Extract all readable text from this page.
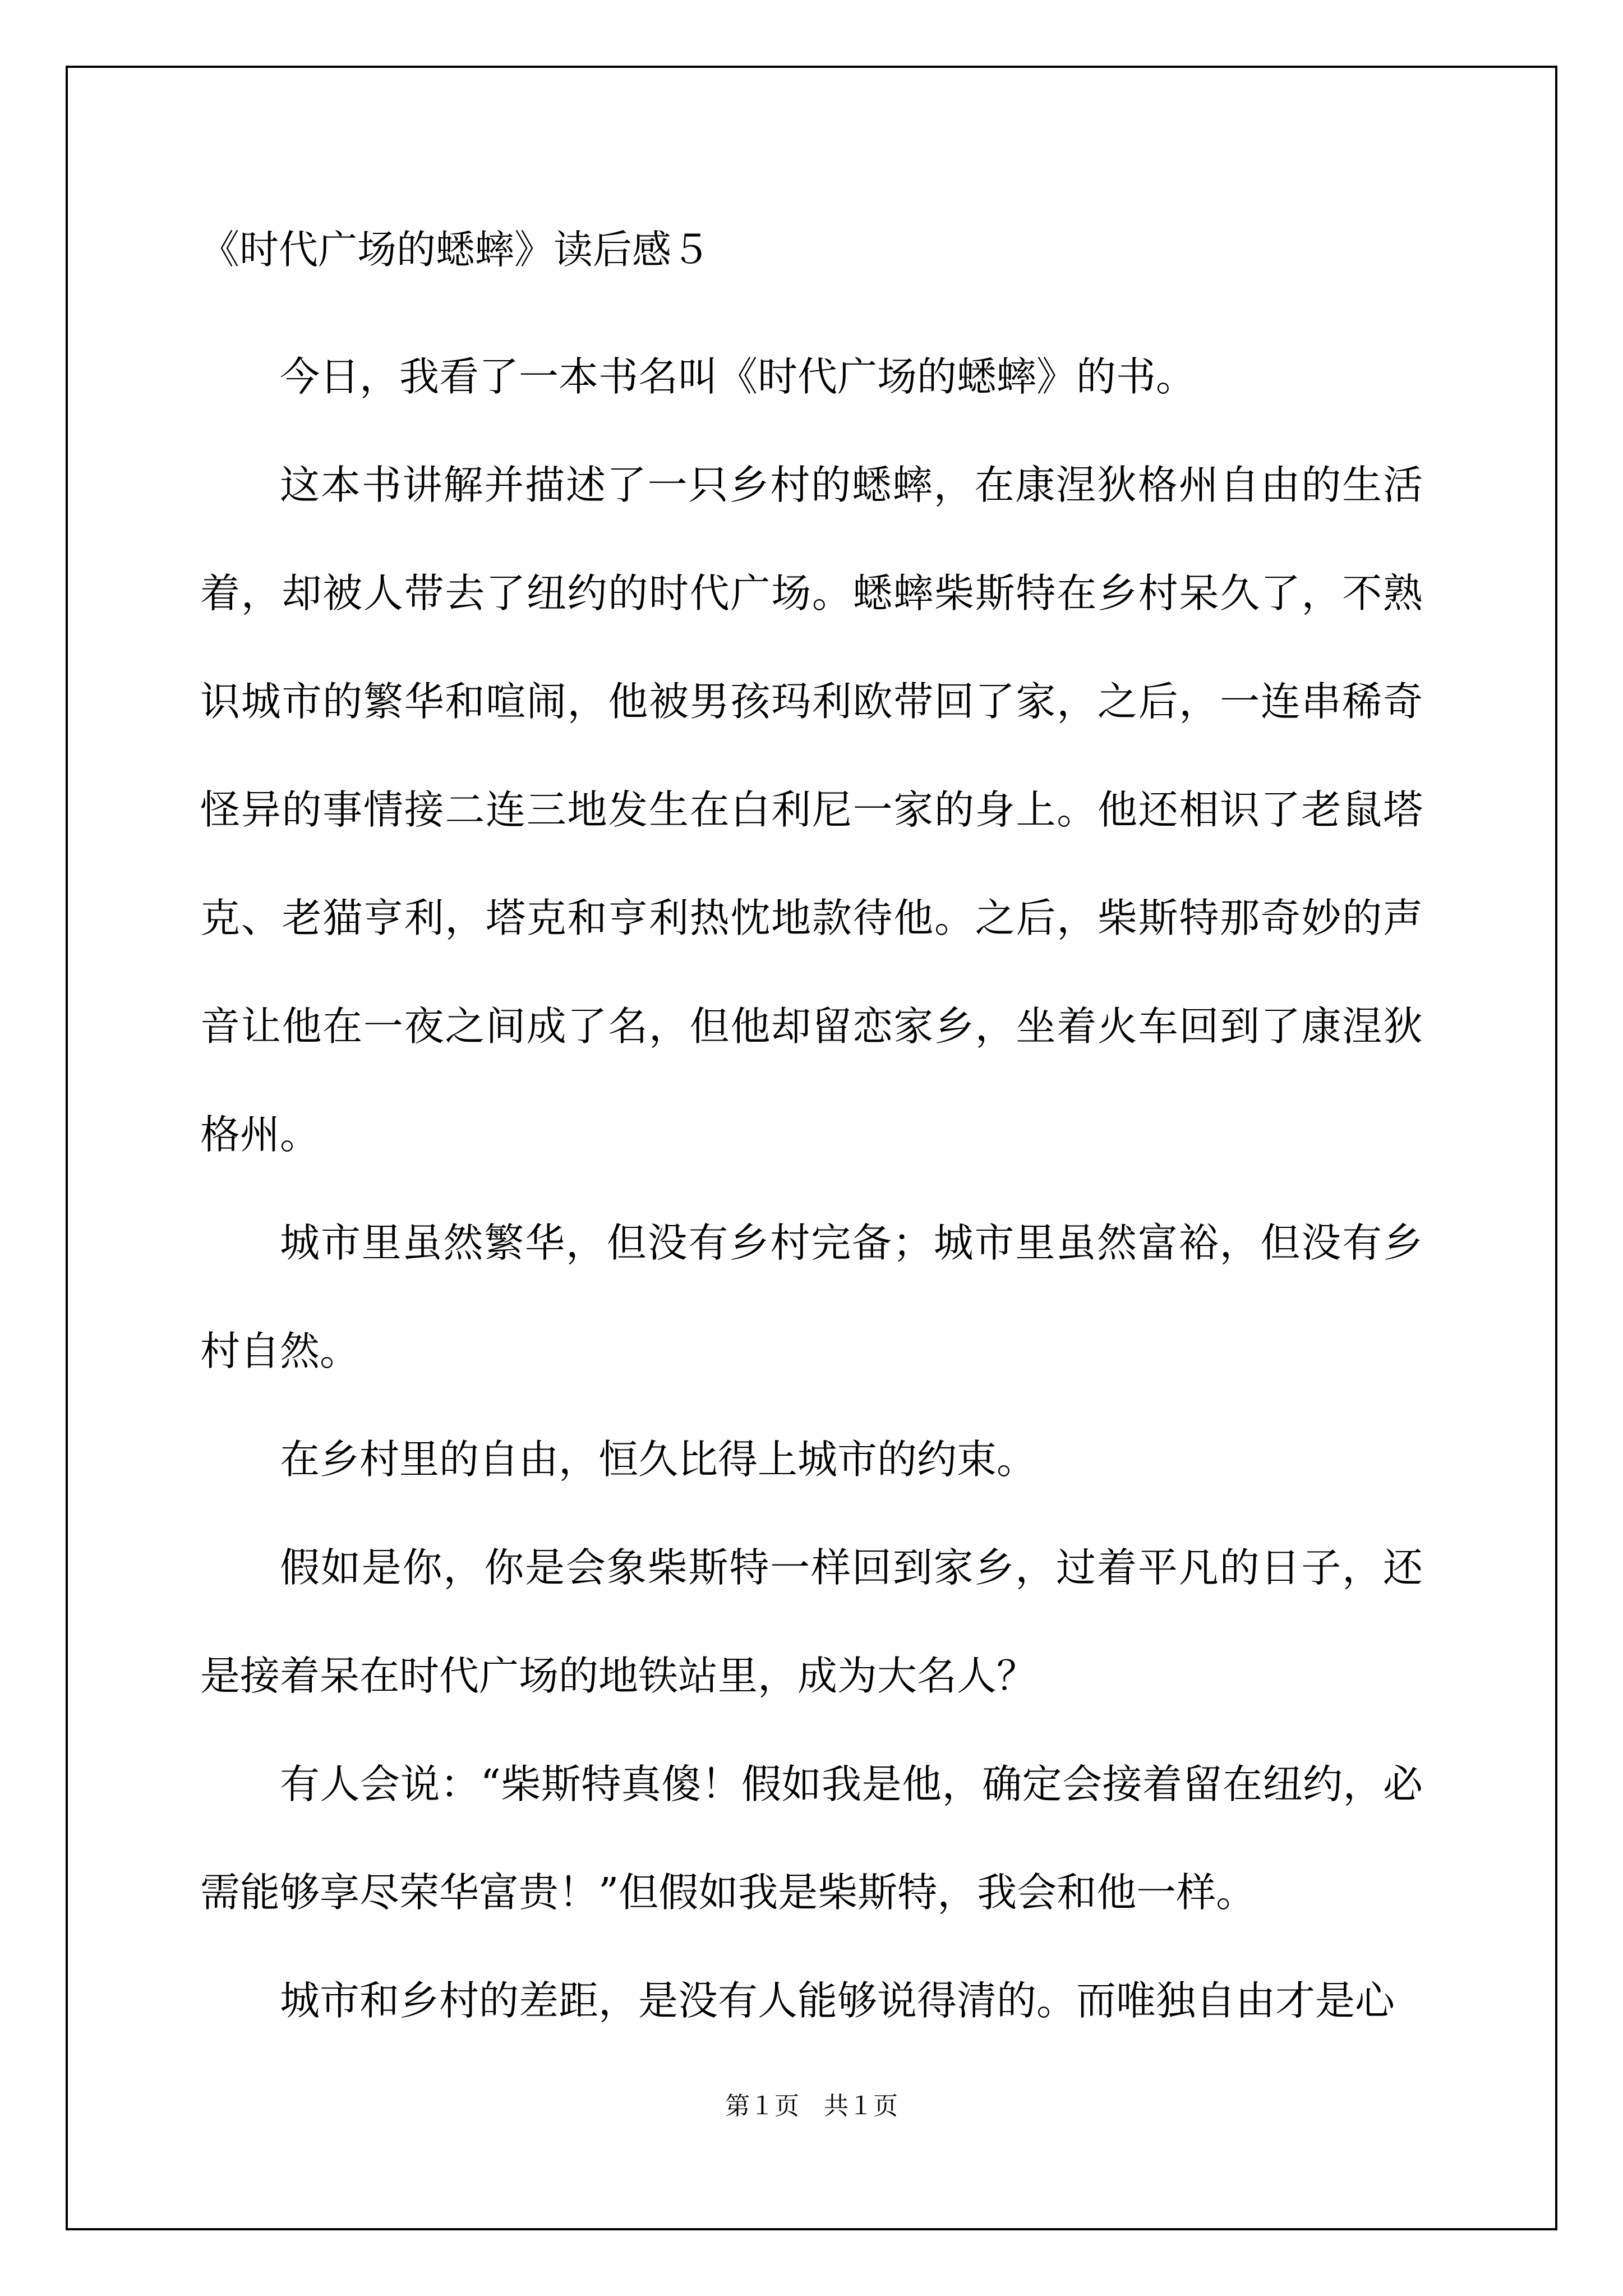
《时代广场的蟋蟀》读后感５

今日，我看了一本书名叫《时代广场的蟋蟀》的书。

这本书讲解并描述了一只乡村的蟋蟀，在康涅狄格州自由的生活着，却被人带去了纽约的时代广场。蟋蟀柴斯特在乡村呆久了，不熟识城市的繁华和喧闹，他被男孩玛利欧带回了家，之后，一连串稀奇怪异的事情接二连三地发生在白利尼一家的身上。他还相识了老鼠塔克、老猫亨利，塔克和亨利热忱地款待他。之后，柴斯特那奇妙的声音让他在一夜之间成了名，但他却留恋家乡，坐着火车回到了康涅狄格州。

城市里虽然繁华，但没有乡村完备；城市里虽然富裕，但没有乡村自然。

在乡村里的自由，恒久比得上城市的约束。

假如是你，你是会象柴斯特一样回到家乡，过着平凡的日子，还是接着呆在时代广场的地铁站里，成为大名人？

有人会说：“柴斯特真傻！假如我是他，确定会接着留在纽约，必需能够享尽荣华富贵！”但假如我是柴斯特，我会和他一样。

城市和乡村的差距，是没有人能够说得清的。而唯独自由才是心

第１页　共１页
